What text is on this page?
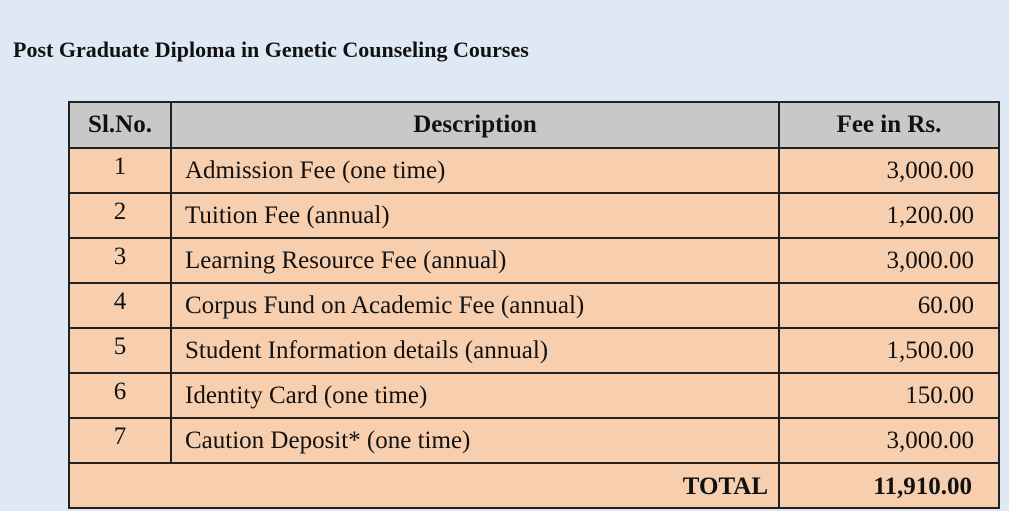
Post Graduate Diploma in Genetic Counseling Courses
Sl.No.	Description	Fee in Rs.
1	Admission Fee (one time)	3,000.00
2	Tuition Fee (annual)	1,200.00
3	Learning Resource Fee (annual)	3,000.00
4	Corpus Fund on Academic Fee (annual)	60.00
5	Student Information details (annual)	1,500.00
6	Identity Card (one time)	150.00
7	Caution Deposit* (one time)	3,000.00
TOTAL		11,910.00
